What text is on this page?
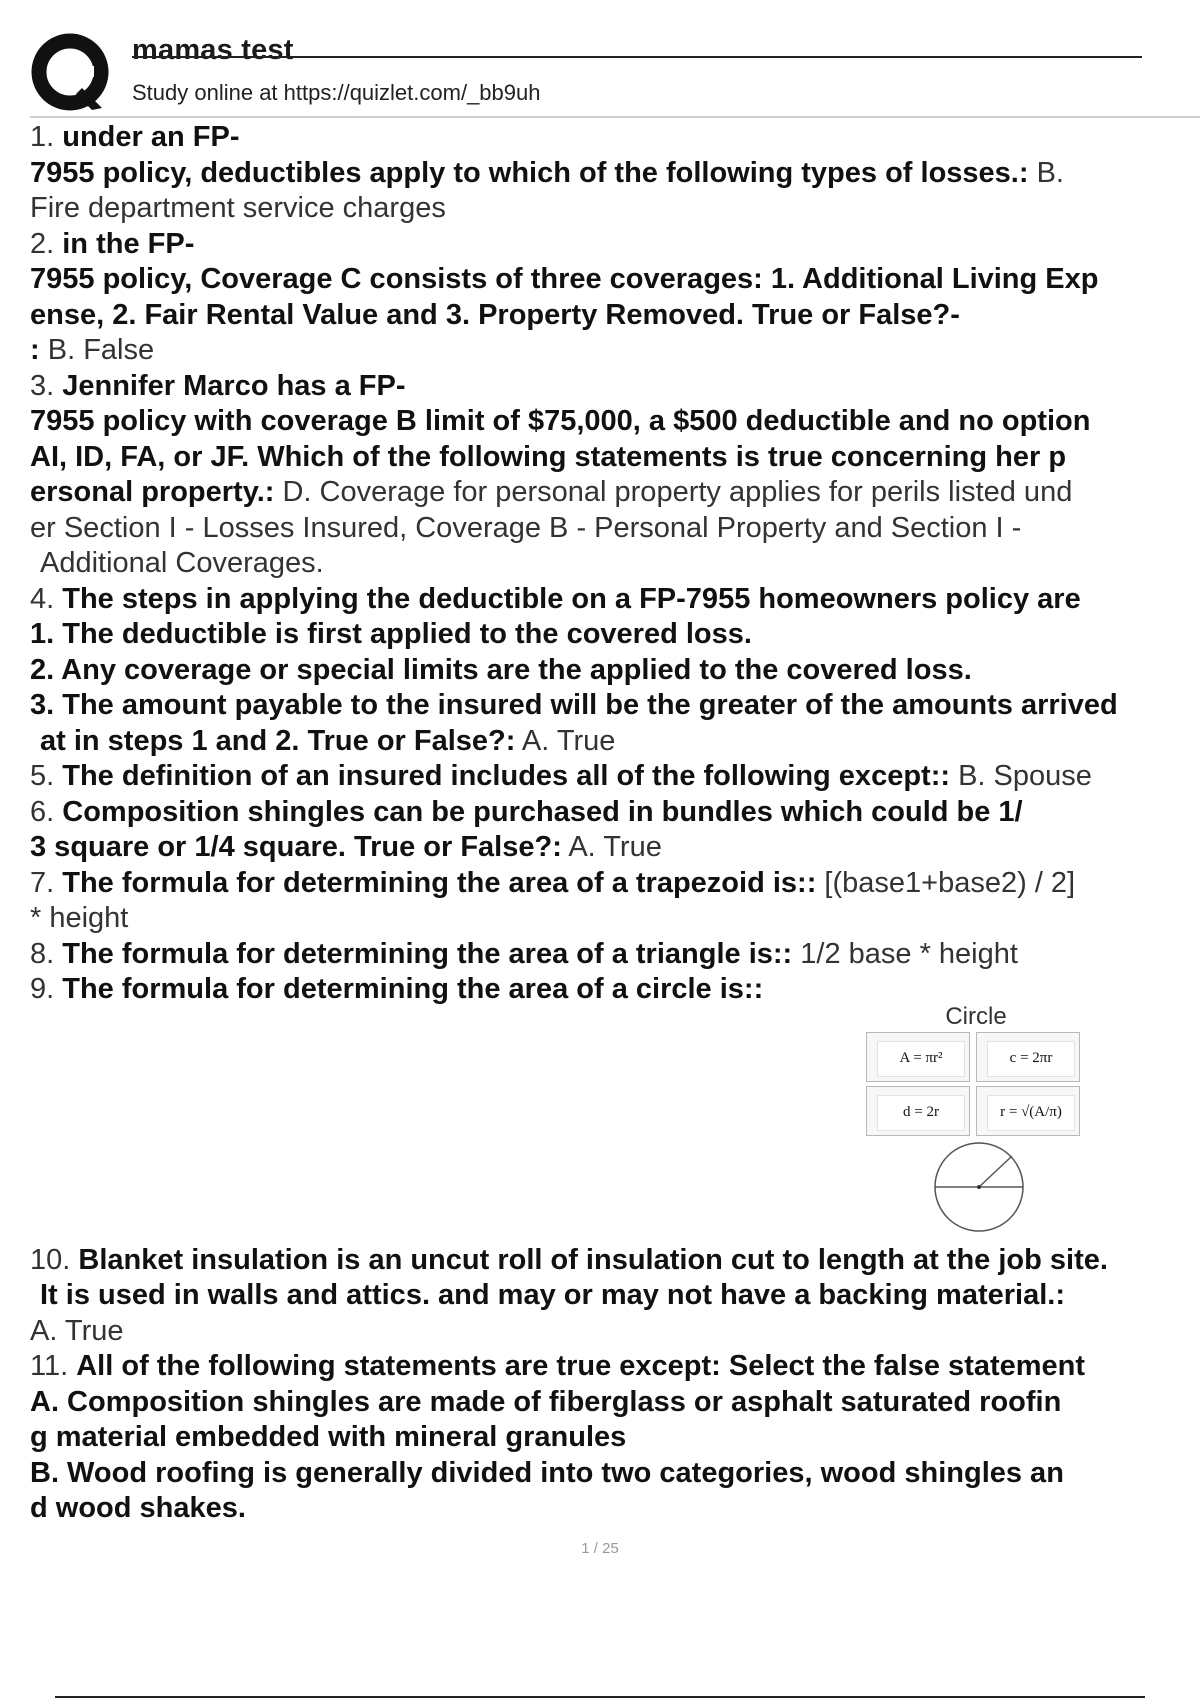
mamas test
Study online at https://quizlet.com/_bb9uh
1. under an FP-
7955 policy, deductibles apply to which of the following types of losses.: B.
Fire department service charges
2. in the FP-
7955 policy, Coverage C consists of three coverages: 1. Additional Living Exp
ense, 2. Fair Rental Value and 3. Property Removed. True or False?-
: B. False
3. Jennifer Marco has a FP-
7955 policy with coverage B limit of $75,000, a $500 deductible and no option
AI, ID, FA, or JF. Which of the following statements is true concerning her p
ersonal property.: D. Coverage for personal property applies for perils listed und
er Section I - Losses Insured, Coverage B - Personal Property and Section I -
Additional Coverages.
4. The steps in applying the deductible on a FP-7955 homeowners policy are
1. The deductible is first applied to the covered loss.
2. Any coverage or special limits are the applied to the covered loss.
3. The amount payable to the insured will be the greater of the amounts arrived
at in steps 1 and 2. True or False?: A. True
5. The definition of an insured includes all of the following except:: B. Spouse
6. Composition shingles can be purchased in bundles which could be 1/
3 square or 1/4 square. True or False?: A. True
7. The formula for determining the area of a trapezoid is:: [(base1+base2) / 2]
* height
8. The formula for determining the area of a triangle is:: 1/2 base * height
9. The formula for determining the area of a circle is::
Circle
A = πr²	c = 2πr
d = 2r	r = √(A/π)
10. Blanket insulation is an uncut roll of insulation cut to length at the job site.
It is used in walls and attics. and may or may not have a backing material.:
A. True
11. All of the following statements are true except: Select the false statement
A. Composition shingles are made of fiberglass or asphalt saturated roofin
g material embedded with mineral granules
B. Wood roofing is generally divided into two categories, wood shingles an
d wood shakes.
1 / 25
